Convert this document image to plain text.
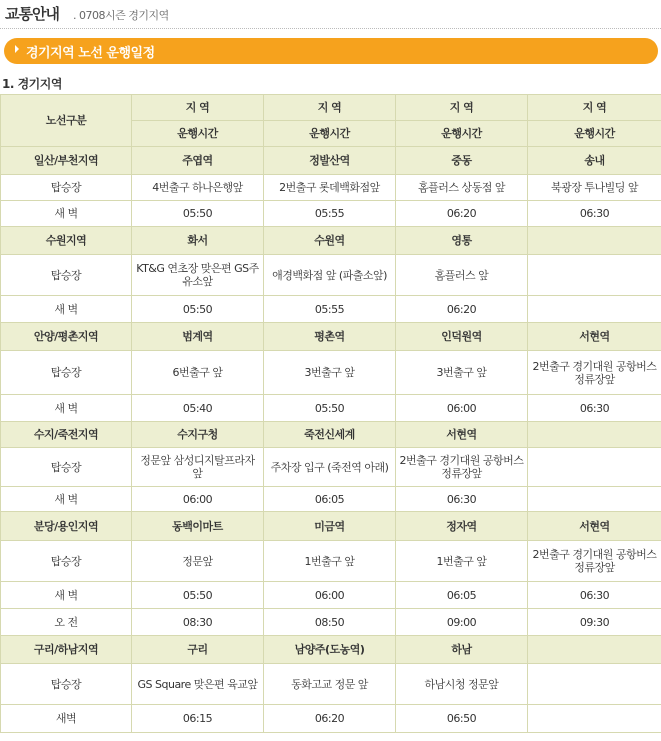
교통안내 . 0708시즌 경기지역
경기지역 노선 운행일정
1. 경기지역
노선구분	지 역	지 역	지 역	지 역
	운행시간	운행시간	운행시간	운행시간
일산/부천지역	주엽역	정발산역	중동	송내
탑승장	4번출구 하나은행앞	2번출구 롯데백화점앞	홈플러스 상동점 앞	북광장 투나빌딩 앞
새 벽	05:50	05:55	06:20	06:30
수원지역	화서	수원역	영통	
탑승장	KT&G 연초장 맞은편 GS주유소앞	애경백화점 앞 (파출소앞)	홈플러스 앞	
새 벽	05:50	05:55	06:20	
안양/평촌지역	범계역	평촌역	인덕원역	서현역
탑승장	6번출구 앞	3번출구 앞	3번출구 앞	2번출구 경기대원 공항버스 정류장앞
새 벽	05:40	05:50	06:00	06:30
수지/죽전지역	수지구청	죽전신세계	서현역	
탑승장	정문앞 삼성디지탈프라자 앞	주차장 입구 (죽전역 아래)	2번출구 경기대원 공항버스 정류장앞	
새 벽	06:00	06:05	06:30	
분당/용인지역	동백이마트	미금역	정자역	서현역
탑승장	정문앞	1번출구 앞	1번출구 앞	2번출구 경기대원 공항버스 정류장앞
새 벽	05:50	06:00	06:05	06:30
오 전	08:30	08:50	09:00	09:30
구리/하남지역	구리	남양주(도농역)	하남	
탑승장	GS Square 맞은편 육교앞	동화고교 정문 앞	하남시청 정문앞	
새벽	06:15	06:20	06:50	
